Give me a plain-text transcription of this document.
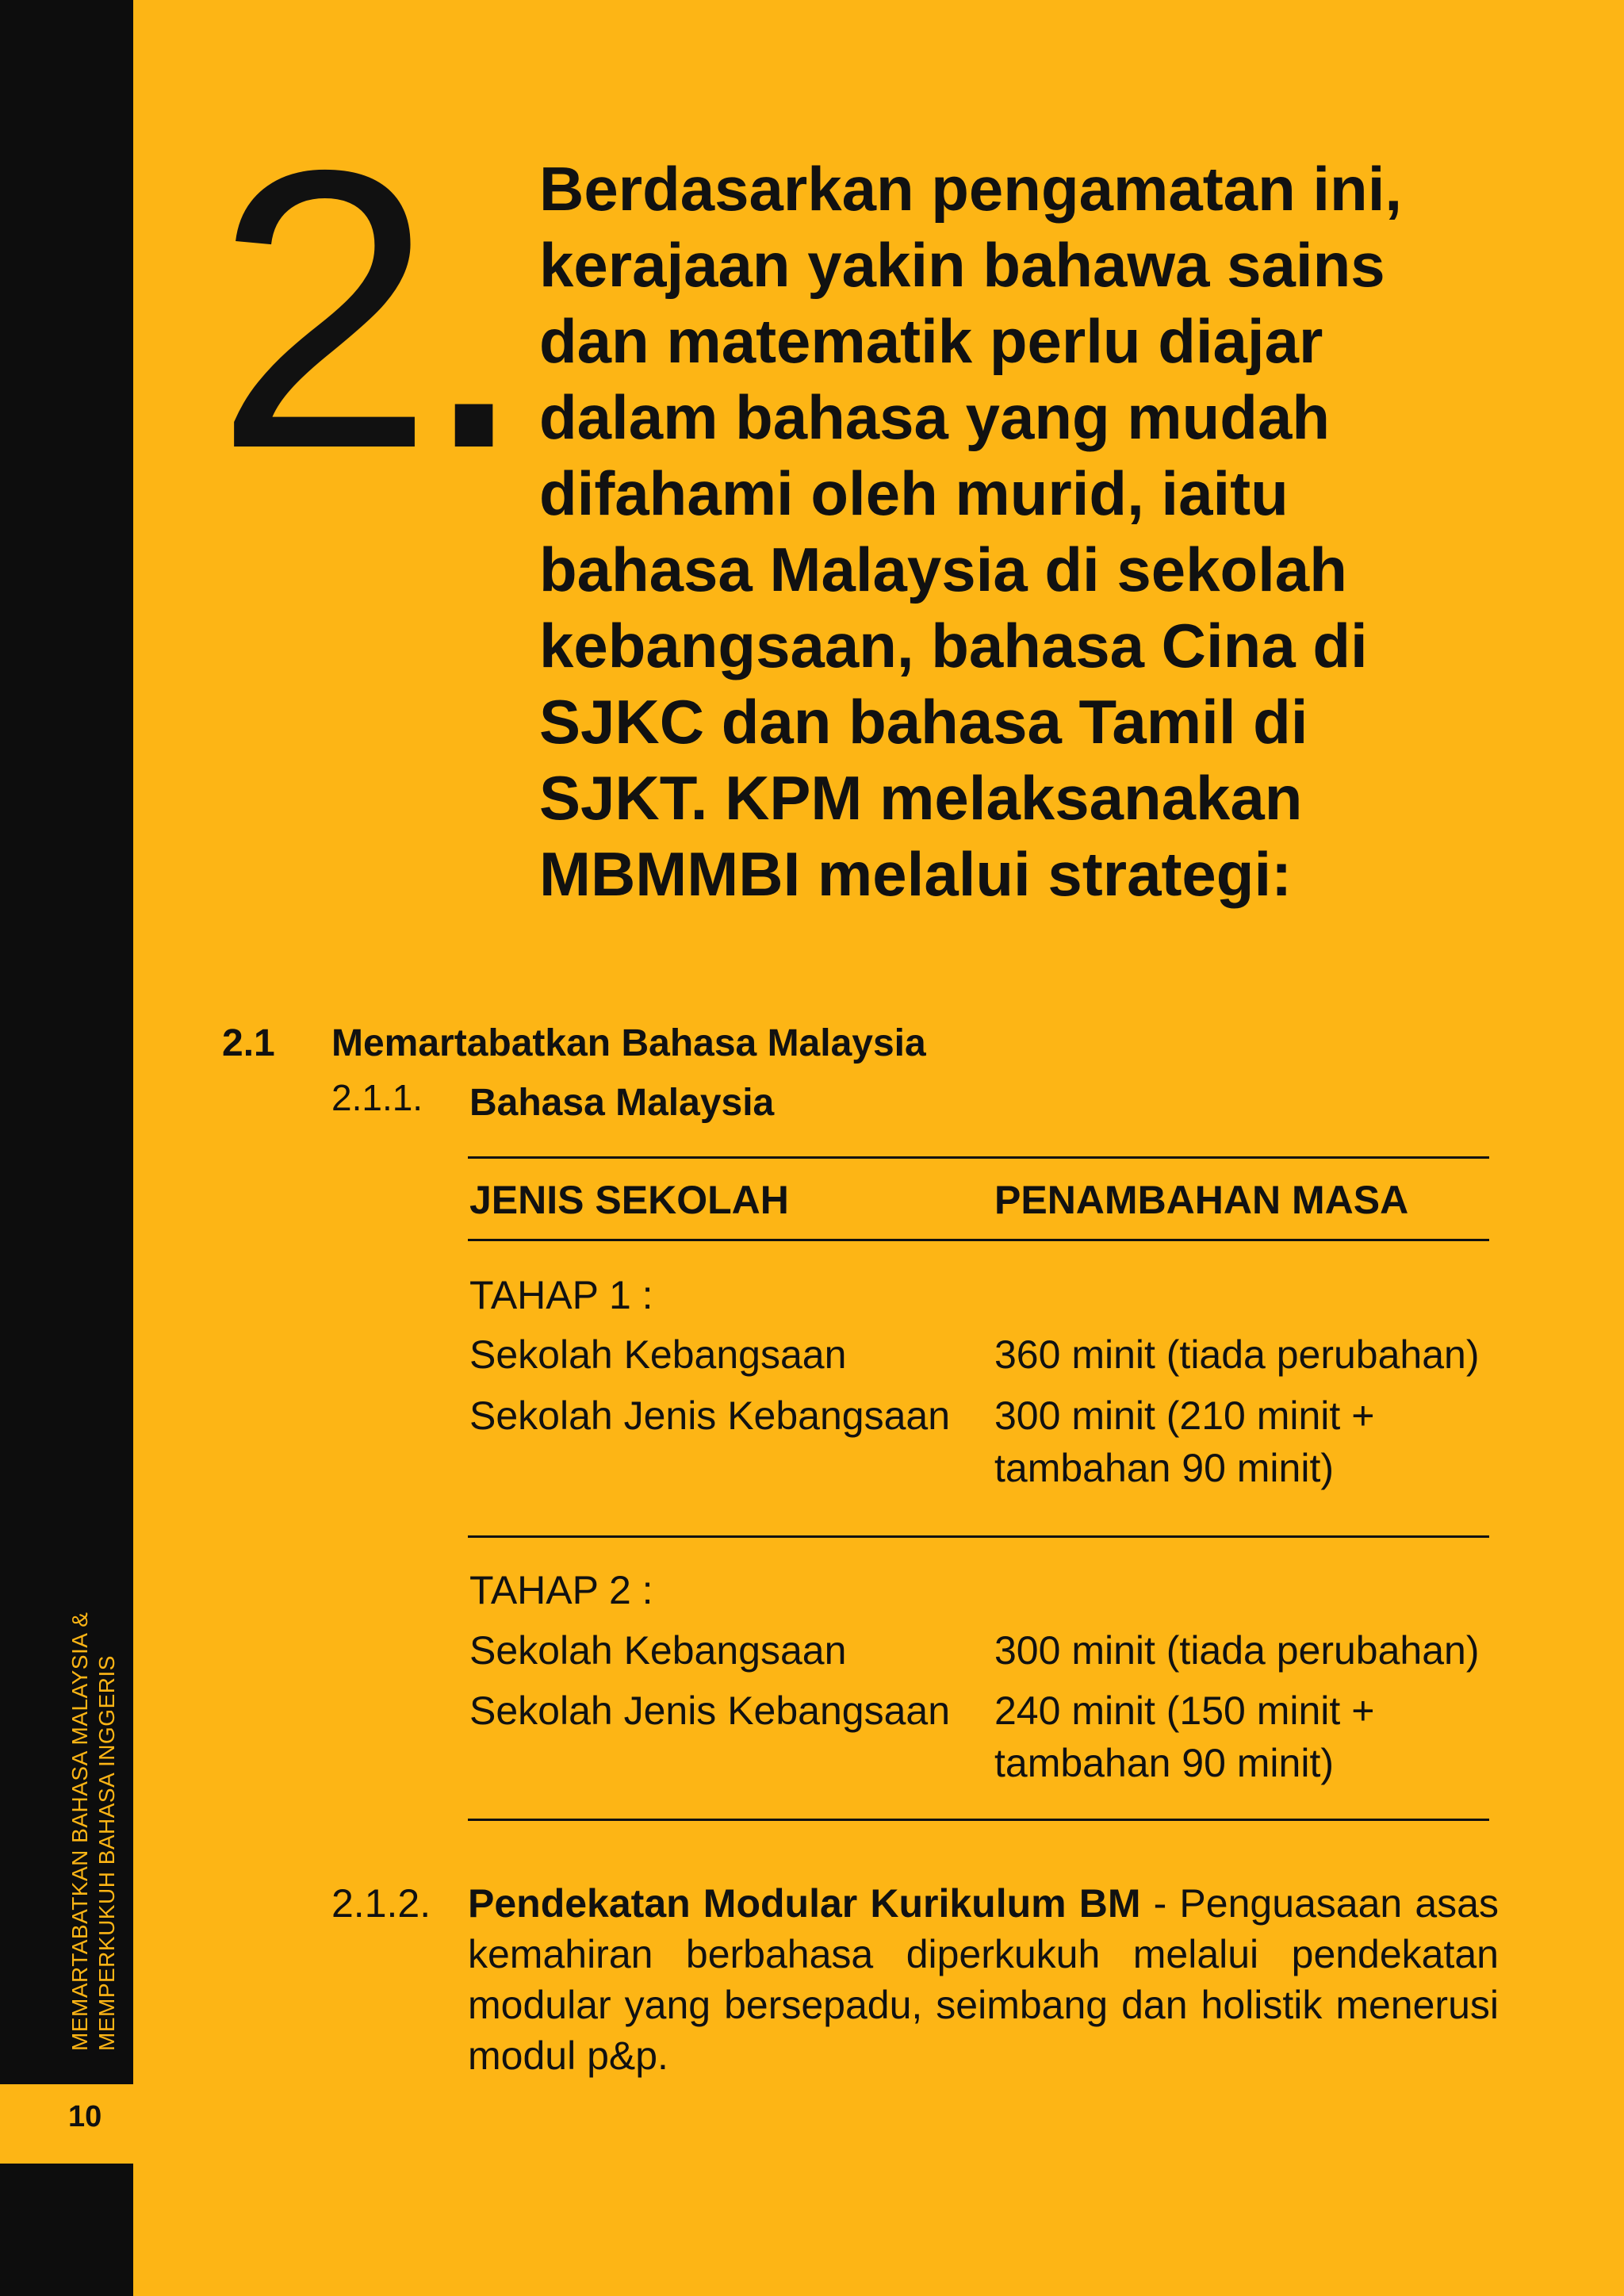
MEMARTABATKAN BAHASA MALAYSIA & MEMPERKUKUH BAHASA INGGERIS
10
2. Berdasarkan pengamatan ini,
kerajaan yakin bahawa sains
dan matematik perlu diajar
dalam bahasa yang mudah
difahami oleh murid, iaitu
bahasa Malaysia di sekolah
kebangsaan, bahasa Cina di
SJKC dan bahasa Tamil di
SJKT. KPM melaksanakan
MBMMBI melalui strategi:
2.1 Memartabatkan Bahasa Malaysia
2.1.1. Bahasa Malaysia
JENIS SEKOLAH	PENAMBAHAN MASA
TAHAP 1 :
Sekolah Kebangsaan	360 minit (tiada perubahan)
Sekolah Jenis Kebangsaan 300 minit (210 minit +
tambahan 90 minit)
TAHAP 2 :
Sekolah Kebangsaan	300 minit (tiada perubahan)
Sekolah Jenis Kebangsaan 240 minit (150 minit +
tambahan 90 minit)
2.1.2. Pendekatan Modular Kurikulum BM - Penguasaan asas kemahiran berbahasa diperkukuh melalui pendekatan modular yang bersepadu, seimbang dan holistik menerusi modul p&p.
